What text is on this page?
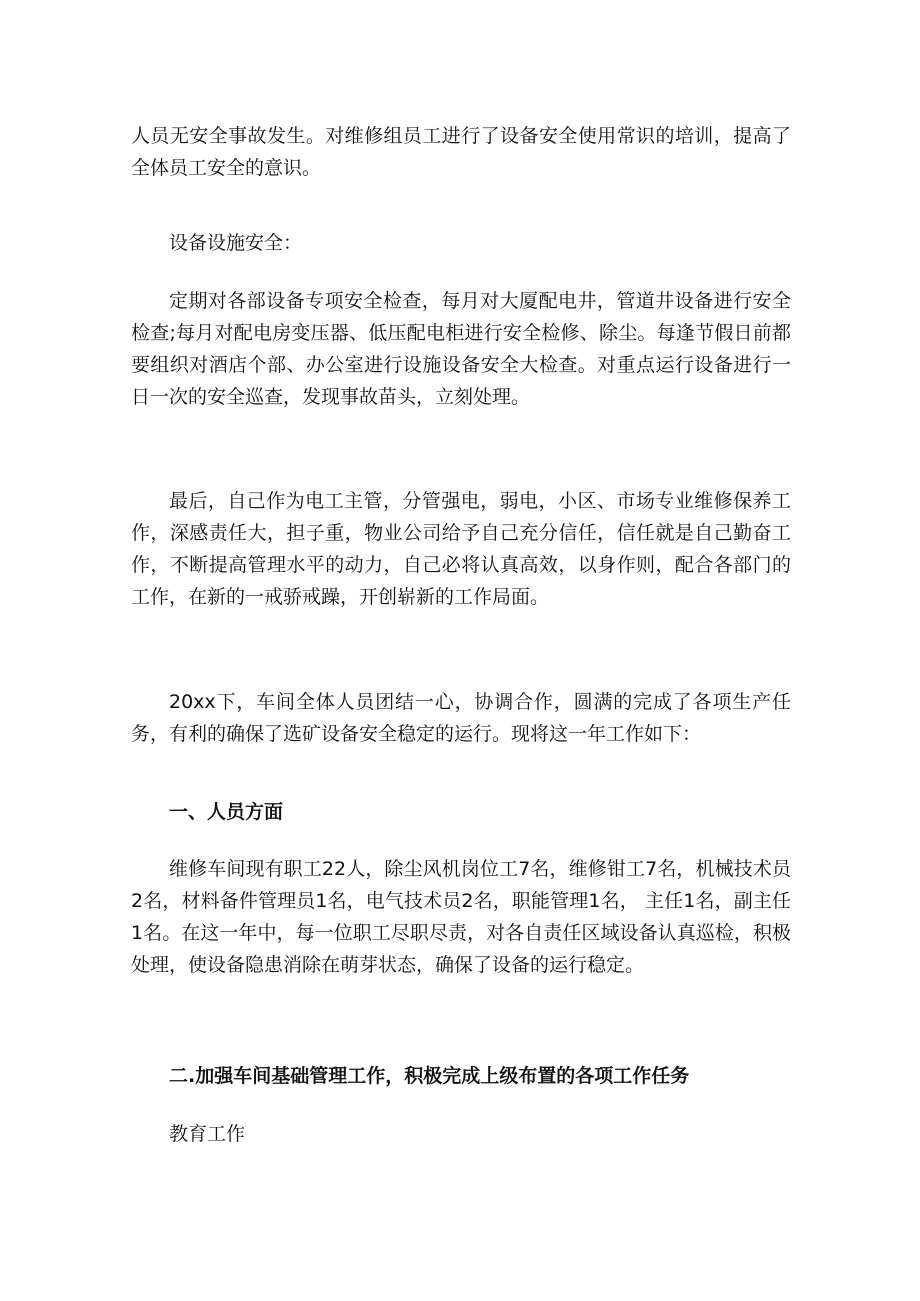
人员无安全事故发生。对维修组员工进行了设备安全使用常识的培训，提高了全体员工安全的意识。

设备设施安全：

定期对各部设备专项安全检查，每月对大厦配电井，管道井设备进行安全检查;每月对配电房变压器、低压配电柜进行安全检修、除尘。每逢节假日前都要组织对酒店个部、办公室进行设施设备安全大检查。对重点运行设备进行一日一次的安全巡查，发现事故苗头，立刻处理。

最后，自己作为电工主管，分管强电，弱电，小区、市场专业维修保养工作，深感责任大，担子重，物业公司给予自己充分信任，信任就是自己勤奋工作，不断提高管理水平的动力，自己必将认真高效，以身作则，配合各部门的工作，在新的一戒骄戒躁，开创崭新的工作局面。

20xx下，车间全体人员团结一心，协调合作，圆满的完成了各项生产任务，有利的确保了选矿设备安全稳定的运行。现将这一年工作如下：

一、人员方面

维修车间现有职工22人，除尘风机岗位工7名，维修钳工7名，机械技术员2名，材料备件管理员1名，电气技术员2名，职能管理1名， 主任1名，副主任1名。在这一年中，每一位职工尽职尽责，对各自责任区域设备认真巡检，积极处理，使设备隐患消除在萌芽状态，确保了设备的运行稳定。

二.加强车间基础管理工作，积极完成上级布置的各项工作任务

教育工作
